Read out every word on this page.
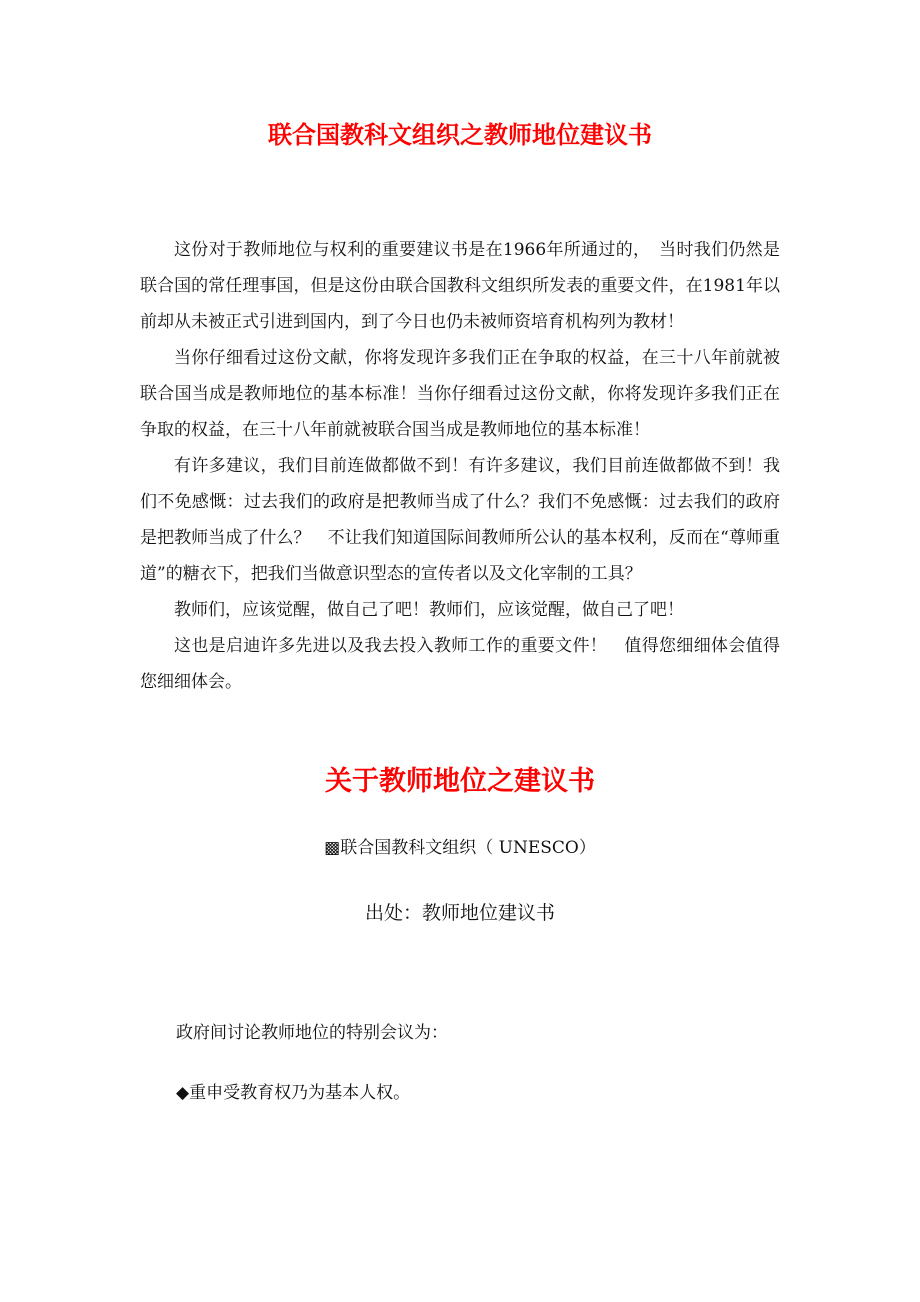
联合国教科文组织之教师地位建议书

这份对于教师地位与权利的重要建议书是在1966年所通过的，　当时我们仍然是联合国的常任理事国，但是这份由联合国教科文组织所发表的重要文件，在1981年以前却从未被正式引进到国内，到了今日也仍未被师资培育机构列为教材！

当你仔细看过这份文献，你将发现许多我们正在争取的权益，在三十八年前就被联合国当成是教师地位的基本标准！当你仔细看过这份文献，你将发现许多我们正在争取的权益，在三十八年前就被联合国当成是教师地位的基本标准！

有许多建议，我们目前连做都做不到！有许多建议，我们目前连做都做不到！我们不免感慨：过去我们的政府是把教师当成了什么？我们不免感慨：过去我们的政府是把教师当成了什么？　不让我们知道国际间教师所公认的基本权利，反而在“尊师重道”的糖衣下，把我们当做意识型态的宣传者以及文化宰制的工具？

教师们，应该觉醒，做自己了吧！教师们，应该觉醒，做自己了吧！

这也是启迪许多先进以及我去投入教师工作的重要文件！　值得您细细体会值得您细细体会。

关于教师地位之建议书
▩联合国教科文组织（ UNESCO）
出处：教师地位建议书
政府间讨论教师地位的特别会议为：
◆重申受教育权乃为基本人权。
